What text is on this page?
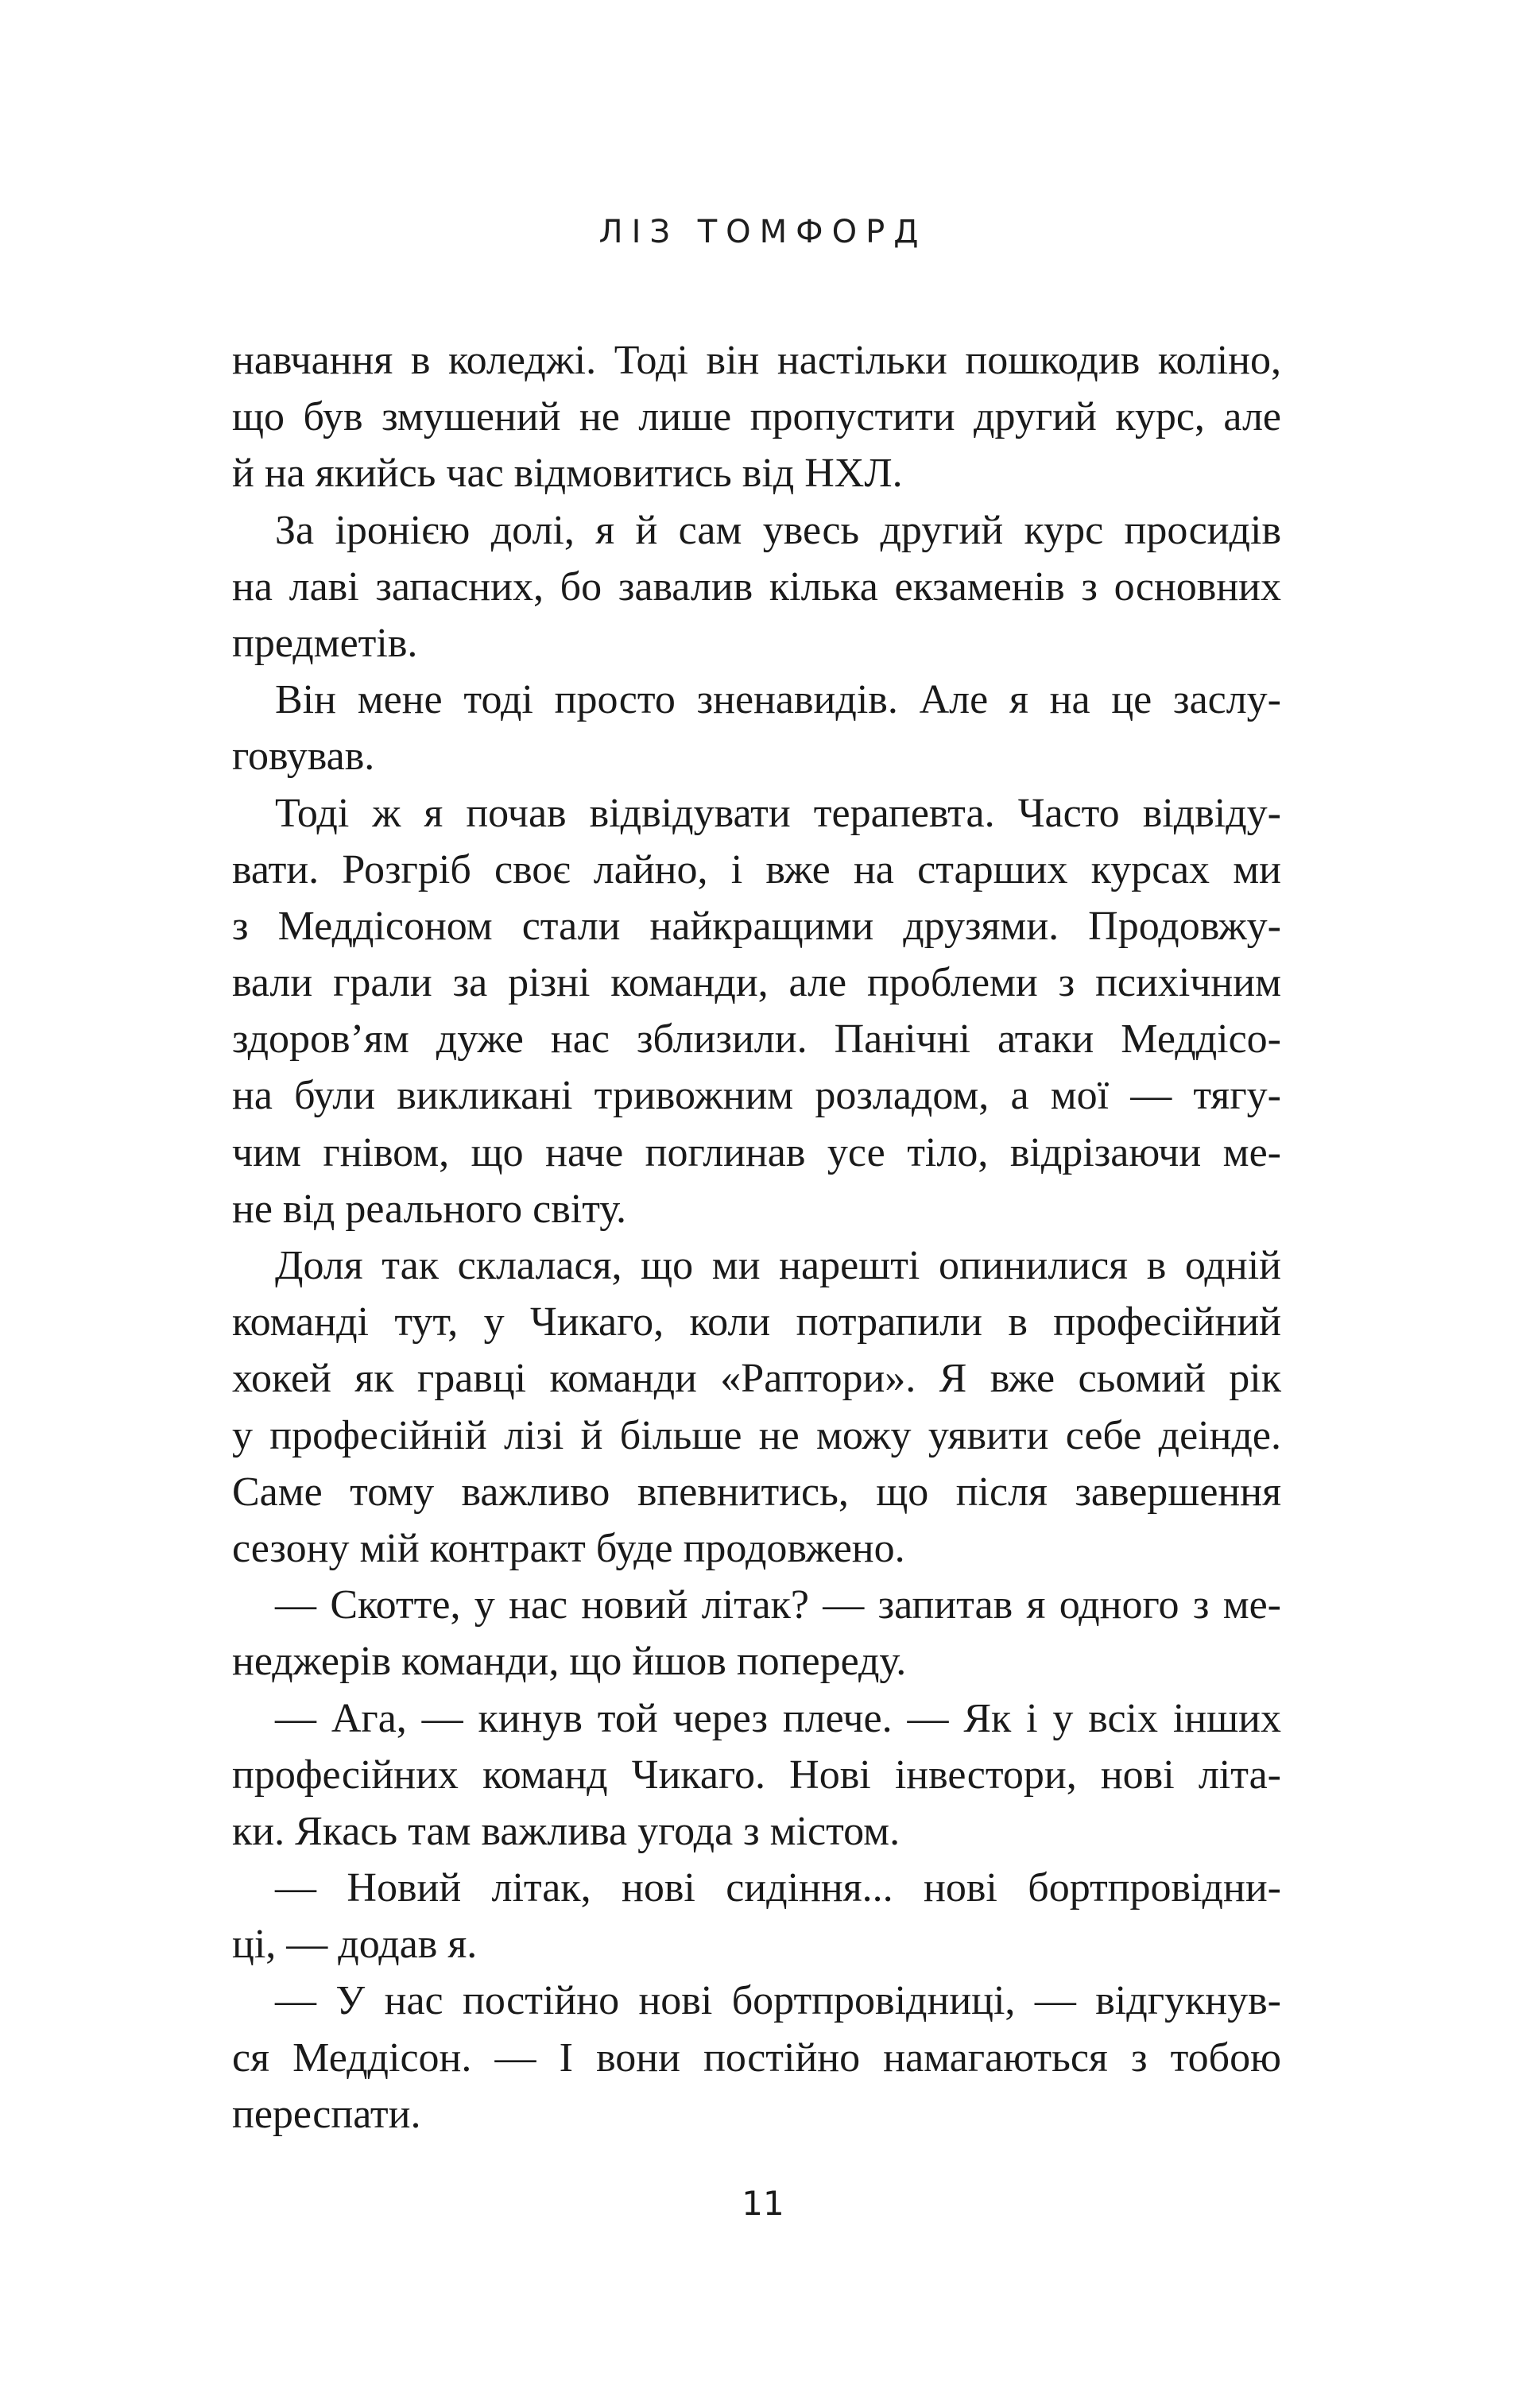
ЛІЗ ТОМФОРД
навчання в коледжі. Тоді він настільки пошкодив коліно,
що був змушений не лише пропустити другий курс, але
й на якийсь час відмовитись від НХЛ.
За іронією долі, я й сам увесь другий курс просидів
на лаві запасних, бо завалив кілька екзаменів з основних
предметів.
Він мене тоді просто зненавидів. Але я на це заслу-
говував.
Тоді ж я почав відвідувати терапевта. Часто відвіду-
вати. Розгріб своє лайно, і вже на старших курсах ми
з Меддісоном стали найкращими друзями. Продовжу-
вали грали за різні команди, але проблеми з психічним
здоров’ям дуже нас зблизили. Панічні атаки Меддісо-
на були викликані тривожним розладом, а мої — тягу-
чим гнівом, що наче поглинав усе тіло, відрізаючи ме-
не від реального світу.
Доля так склалася, що ми нарешті опинилися в одній
команді тут, у Чикаго, коли потрапили в професійний
хокей як гравці команди «Раптори». Я вже сьомий рік
у професійній лізі й більше не можу уявити себе деінде.
Саме тому важливо впевнитись, що після завершення
сезону мій контракт буде продовжено.
— Скотте, у нас новий літак? — запитав я одного з ме-
неджерів команди, що йшов попереду.
— Ага, — кинув той через плече. — Як і у всіх інших
професійних команд Чикаго. Нові інвестори, нові літа-
ки. Якась там важлива угода з містом.
— Новий літак, нові сидіння... нові бортпровідни-
ці, — додав я.
— У нас постійно нові бортпровідниці, — відгукнув-
ся Меддісон. — І вони постійно намагаються з тобою
переспати.
11
